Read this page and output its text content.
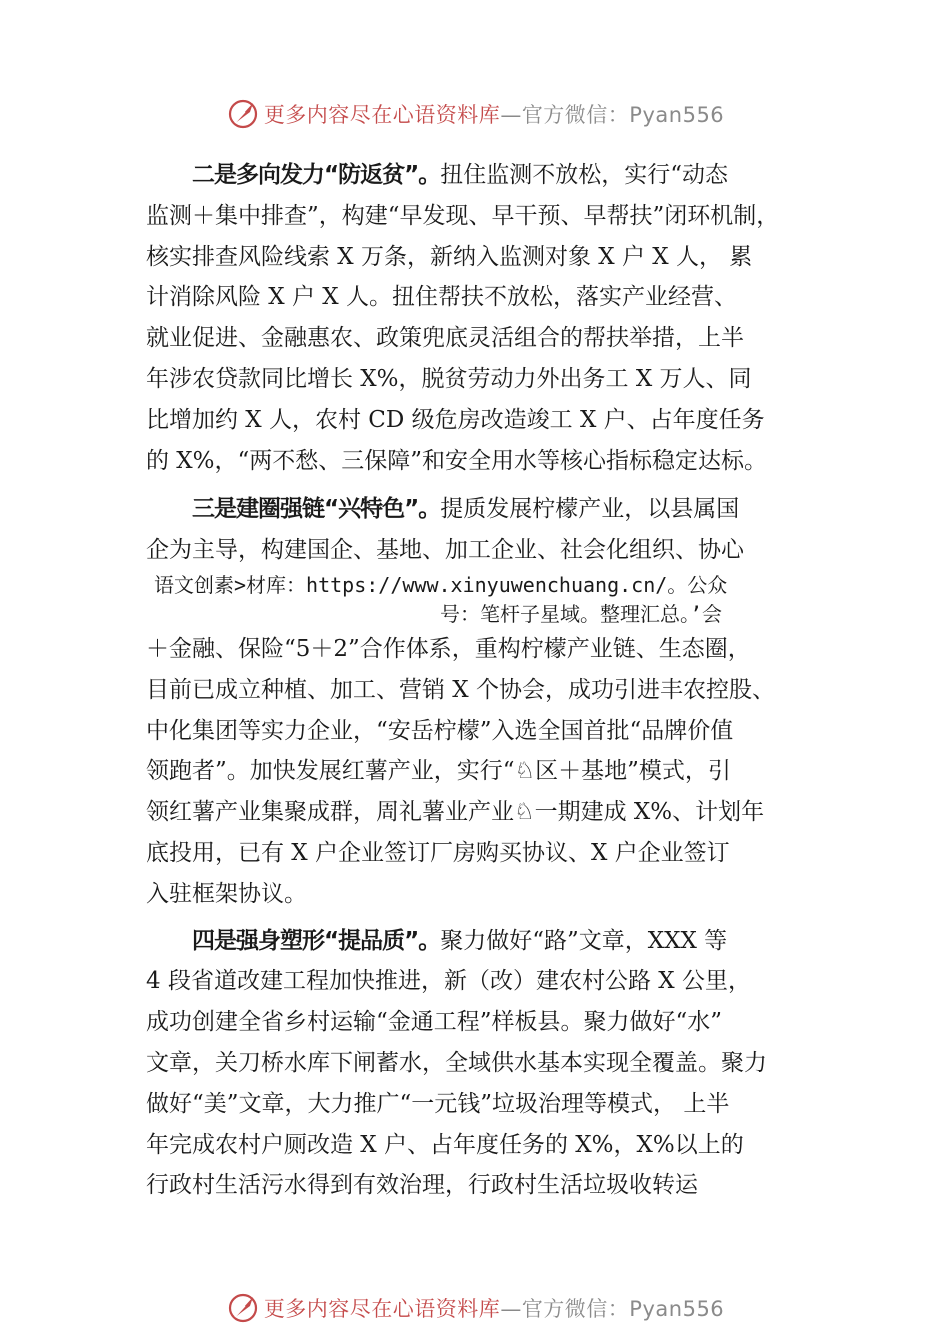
更多内容尽在心语资料库 —官方微信：Pyan556
二是多向发力“防返贫”。扭住监测不放松，实行“动态
监测＋集中排查”，构建“早发现、早干预、早帮扶”闭环机制，
核实排查风险线索 X 万条，新纳入监测对象 X 户 X 人， 累
计消除风险 X 户 X 人。扭住帮扶不放松，落实产业经营、
就业促进、金融惠农、政策兜底灵活组合的帮扶举措，上半
年涉农贷款同比增长 X%，脱贫劳动力外出务工 X 万人、同
比增加约 X 人，农村 CD 级危房改造竣工 X 户、占年度任务
的 X%，“两不愁、三保障”和安全用水等核心指标稳定达标。
三是建圈强链“兴特色”。提质发展柠檬产业，以县属国
企为主导，构建国企、基地、加工企业、社会化组织、协心
语文创素>材库：https://www.xinyuwenchuang.cn/。公众
号：笔杆子星域。整理汇总。’会
＋金融、保险“5＋2”合作体系，重构柠檬产业链、生态圈，
目前已成立种植、加工、营销 X 个协会，成功引进丰农控股、
中化集团等实力企业，“安岳柠檬”入选全国首批“品牌价值
领跑者”。加快发展红薯产业，实行“♘区＋基地”模式，引
领红薯产业集聚成群，周礼薯业产业♘一期建成 X%、计划年
底投用，已有 X 户企业签订厂房购买协议、X 户企业签订
入驻框架协议。
四是强身塑形“提品质”。聚力做好“路”文章，XXX 等
4 段省道改建工程加快推进，新（改）建农村公路 X 公里，
成功创建全省乡村运输“金通工程”样板县。聚力做好“水”
文章，关刀桥水库下闸蓄水，全域供水基本实现全覆盖。聚力
做好“美”文章，大力推广“一元钱”垃圾治理等模式， 上半
年完成农村户厕改造 X 户、占年度任务的 X%，X%以上的
行政村生活污水得到有效治理，行政村生活垃圾收转运
更多内容尽在心语资料库 —官方微信：Pyan556
